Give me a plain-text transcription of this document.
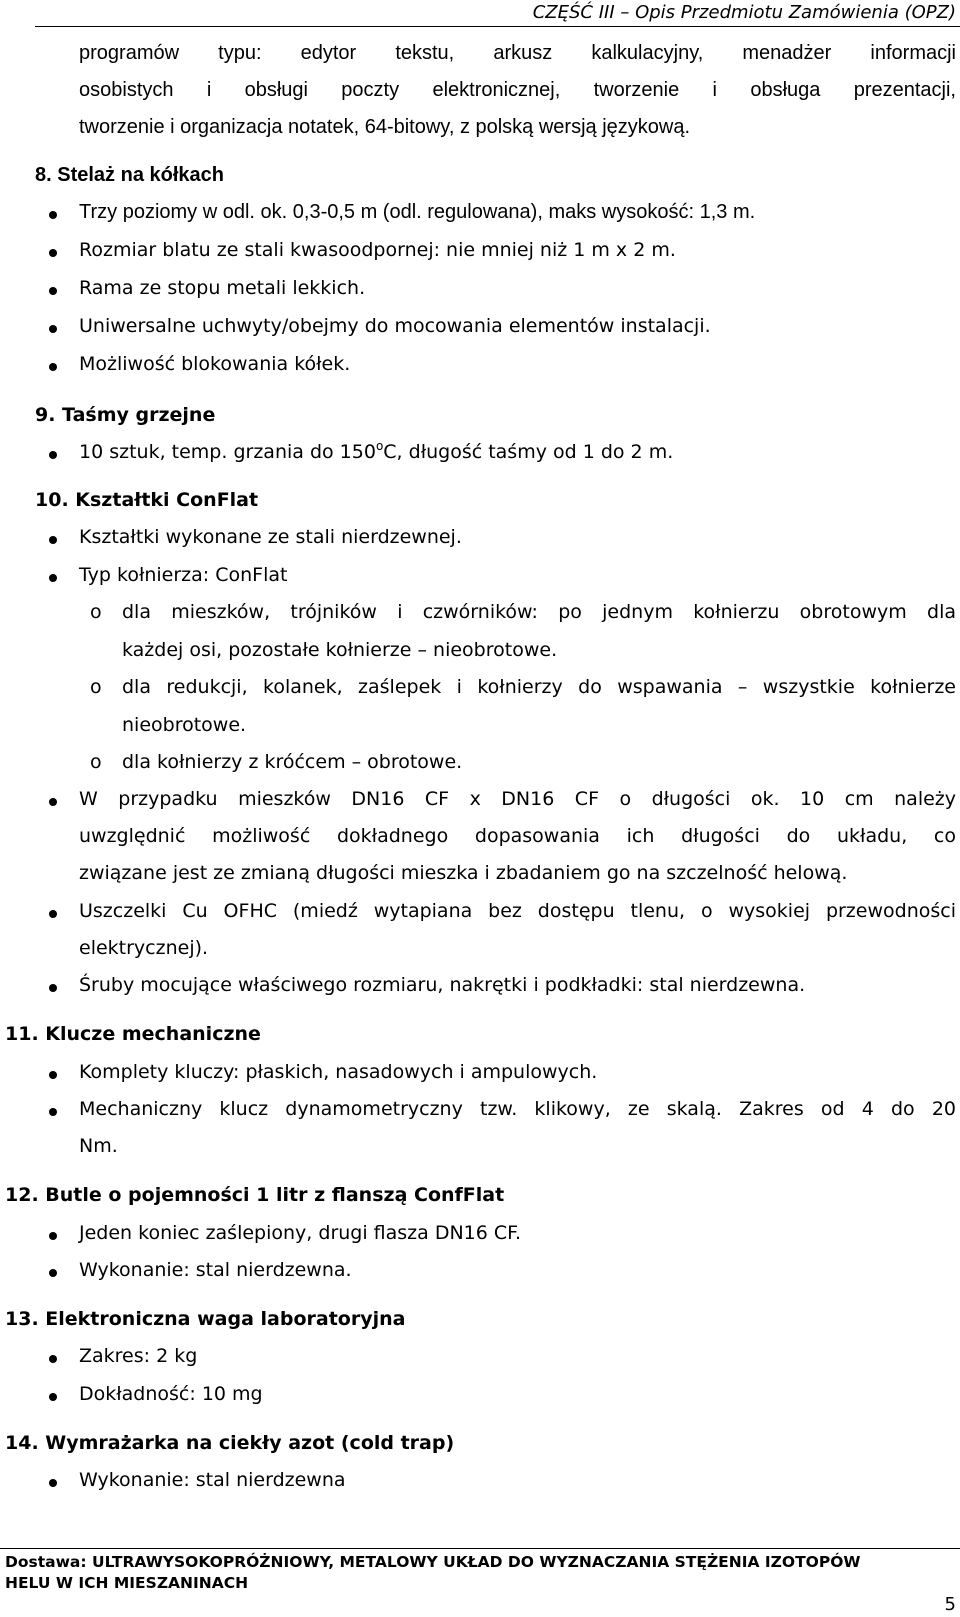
CZĘŚĆ III – Opis Przedmiotu Zamówienia (OPZ)
programów typu: edytor tekstu, arkusz kalkulacyjny, menadżer informacji
osobistych i obsługi poczty elektronicznej, tworzenie i obsługa prezentacji,
tworzenie i organizacja notatek, 64-bitowy, z polską wersją językową.
8. Stelaż na kółkach
Trzy poziomy w odl. ok. 0,3-0,5 m (odl. regulowana), maks wysokość: 1,3 m.
Rozmiar blatu ze stali kwasoodpornej: nie mniej niż 1 m x 2 m.
Rama ze stopu metali lekkich.
Uniwersalne uchwyty/obejmy do mocowania elementów instalacji.
Możliwość blokowania kółek.
9. Taśmy grzejne
10 sztuk, temp. grzania do 150$^o$C, długość taśmy od 1 do 2 m.
10. Kształtki ConFlat
Kształtki wykonane ze stali nierdzewnej.
Typ kołnierza: ConFlat
o dla mieszków, trójników i czwórników: po jednym kołnierzu obrotowym dla
każdej osi, pozostałe kołnierze – nieobrotowe.
o dla redukcji, kolanek, zaślepek i kołnierzy do wspawania – wszystkie kołnierze
nieobrotowe.
o dla kołnierzy z króćcem – obrotowe.
W przypadku mieszków DN16 CF x DN16 CF o długości ok. 10 cm należy
uwzględnić możliwość dokładnego dopasowania ich długości do układu, co
związane jest ze zmianą długości mieszka i zbadaniem go na szczelność helową.
Uszczelki Cu OFHC (miedź wytapiana bez dostępu tlenu, o wysokiej przewodności
elektrycznej).
Śruby mocujące właściwego rozmiaru, nakrętki i podkładki: stal nierdzewna.
11. Klucze mechaniczne
Komplety kluczy: płaskich, nasadowych i ampulowych.
Mechaniczny klucz dynamometryczny tzw. klikowy, ze skalą. Zakres od 4 do 20
Nm.
12. Butle o pojemności 1 litr z flanszą ConfFlat
Jeden koniec zaślepiony, drugi flasza DN16 CF.
Wykonanie: stal nierdzewna.
13. Elektroniczna waga laboratoryjna
Zakres: 2 kg
Dokładność: 10 mg
14. Wymrażarka na ciekły azot (cold trap)
Wykonanie: stal nierdzewna
Dostawa: ULTRAWYSOKOPRÓŻNIOWY, METALOWY UKŁAD DO WYZNACZANIA STĘŻENIA IZOTOPÓW
HELU W ICH MIESZANINACH
5
